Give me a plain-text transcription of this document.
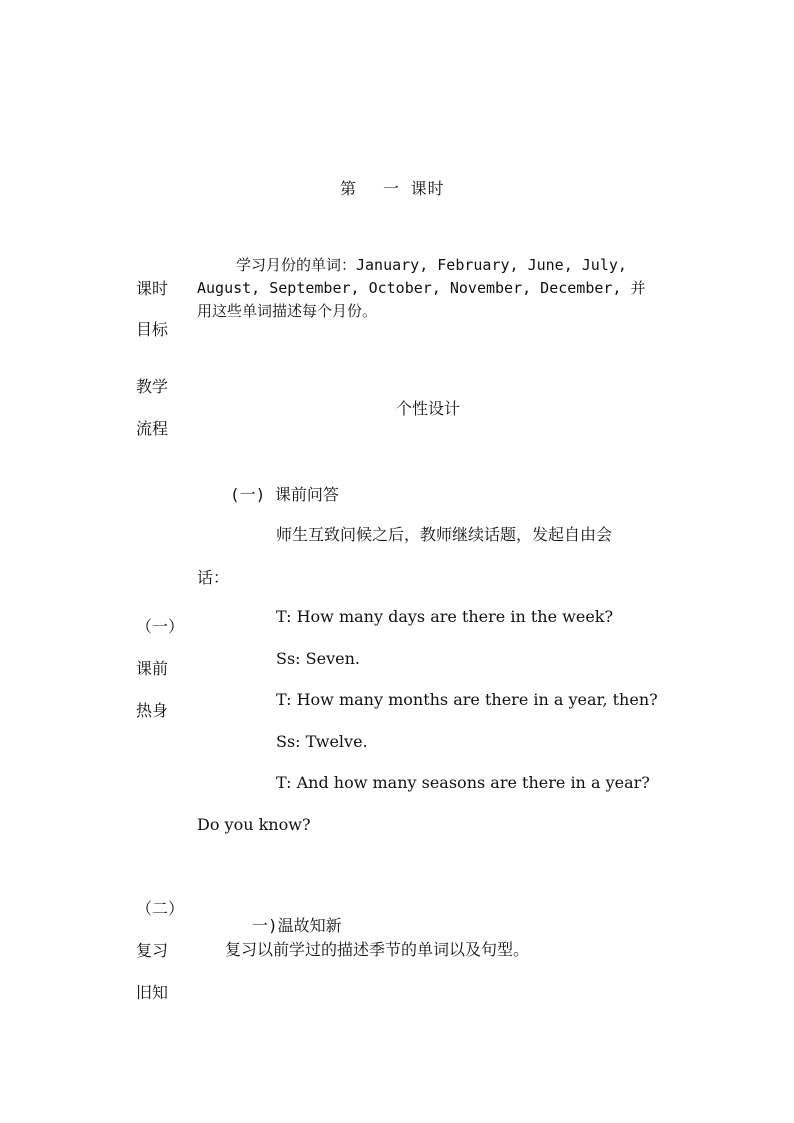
第 一 课时
学习月份的单词：January, February, June, July,
课时 August, September, October, November, December, 并
用这些单词描述每个月份。
目标
教学
个性设计
流程
(一) 课前问答
师生互致问候之后，教师继续话题，发起自由会
话：
（一）
课前
热身
T: How many days are there in the week?
Ss: Seven.
T: How many months are there in a year, then?
Ss: Twelve.
T: And how many seasons are there in a year?
Do you know?
（二）
一)温故知新
复习以前学过的描述季节的单词以及句型。
复习
旧知
